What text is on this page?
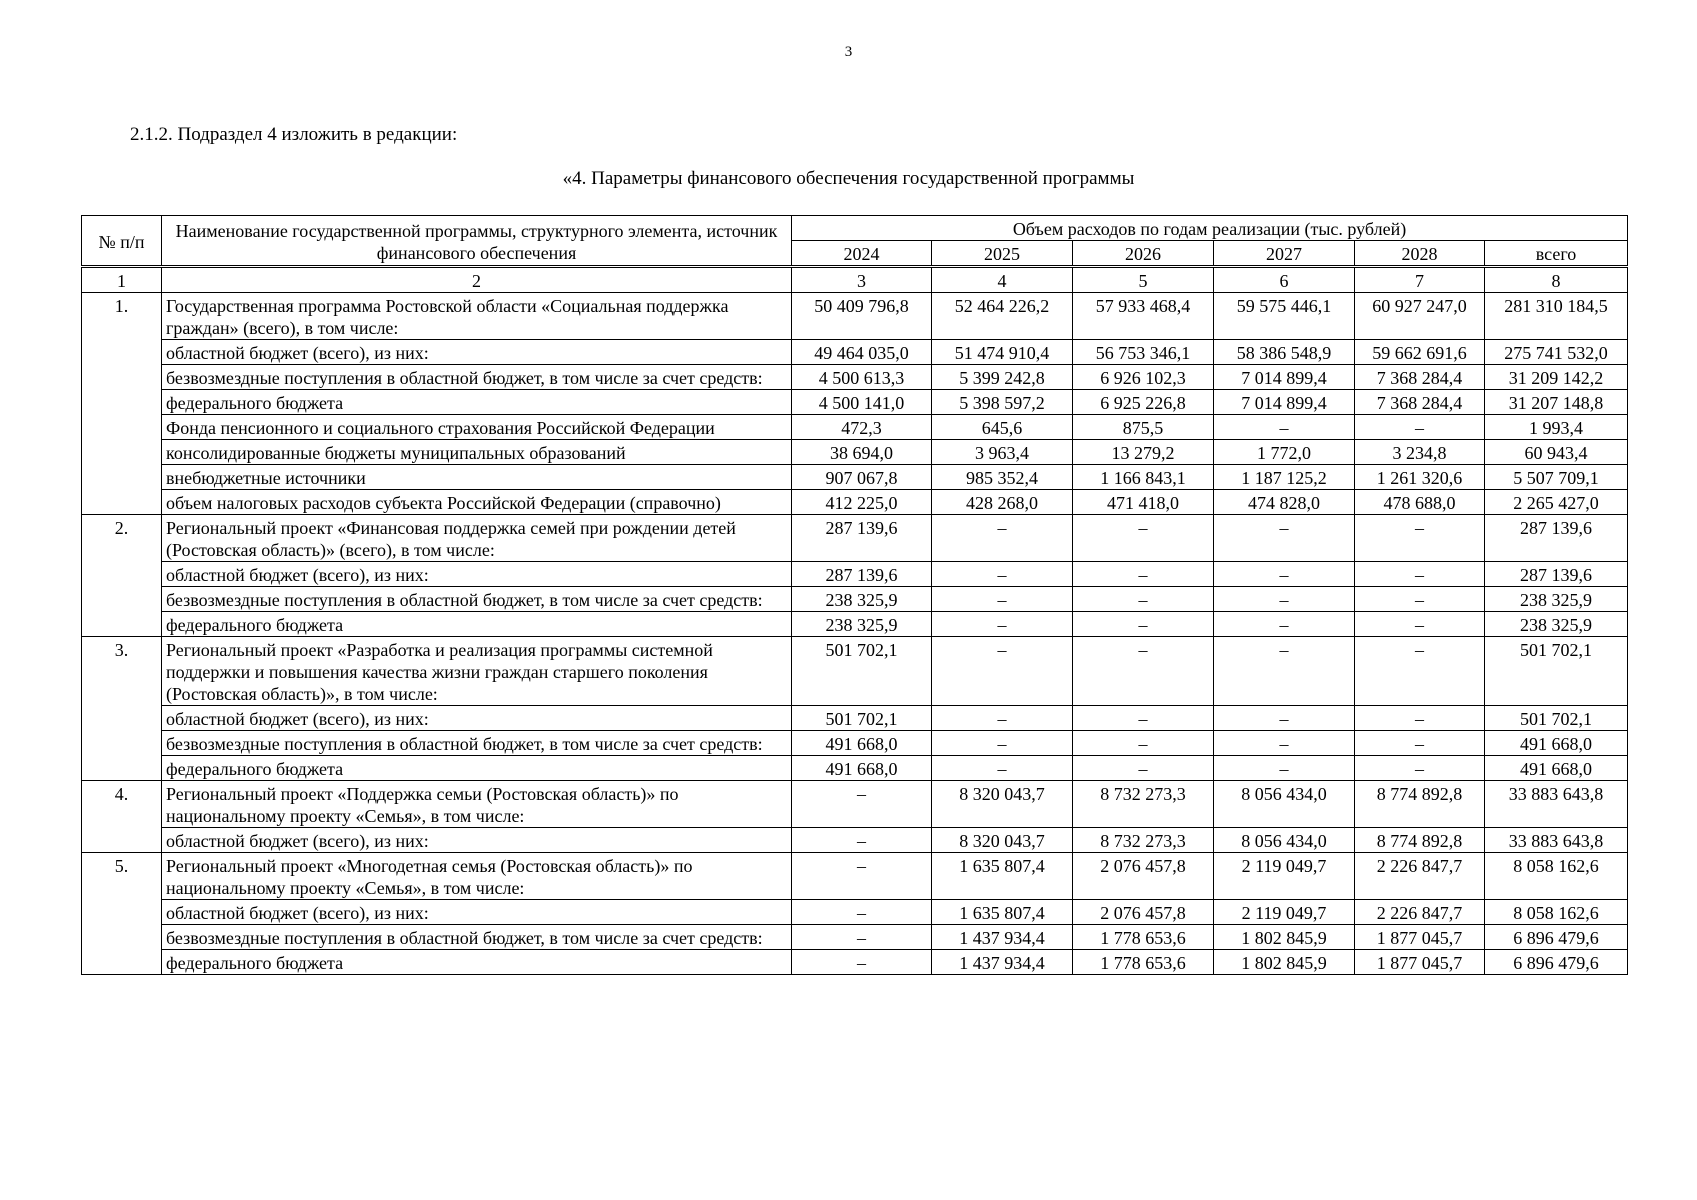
3
2.1.2. Подраздел 4 изложить в редакции:
«4. Параметры финансового обеспечения государственной программы
№ п/п	Наименование государственной программы, структурного элемента, источник финансового обеспечения	Объем расходов по годам реализации (тыс. рублей)					
		2024	2025	2026	2027	2028	всего
1	2	3	4	5	6	7	8
1.	Государственная программа Ростовской области «Социальная поддержка граждан» (всего), в том числе:	50 409 796,8	52 464 226,2	57 933 468,4	59 575 446,1	60 927 247,0	281 310 184,5
	областной бюджет (всего), из них:	49 464 035,0	51 474 910,4	56 753 346,1	58 386 548,9	59 662 691,6	275 741 532,0
	безвозмездные поступления в областной бюджет, в том числе за счет средств:	4 500 613,3	5 399 242,8	6 926 102,3	7 014 899,4	7 368 284,4	31 209 142,2
	федерального бюджета	4 500 141,0	5 398 597,2	6 925 226,8	7 014 899,4	7 368 284,4	31 207 148,8
	Фонда пенсионного и социального страхования Российской Федерации	472,3	645,6	875,5	–	–	1 993,4
	консолидированные бюджеты муниципальных образований	38 694,0	3 963,4	13 279,2	1 772,0	3 234,8	60 943,4
	внебюджетные источники	907 067,8	985 352,4	1 166 843,1	1 187 125,2	1 261 320,6	5 507 709,1
	объем налоговых расходов субъекта Российской Федерации (справочно)	412 225,0	428 268,0	471 418,0	474 828,0	478 688,0	2 265 427,0
2.	Региональный проект «Финансовая поддержка семей при рождении детей (Ростовская область)» (всего), в том числе:	287 139,6	–	–	–	–	287 139,6
	областной бюджет (всего), из них:	287 139,6	–	–	–	–	287 139,6
	безвозмездные поступления в областной бюджет, в том числе за счет средств:	238 325,9	–	–	–	–	238 325,9
	федерального бюджета	238 325,9	–	–	–	–	238 325,9
3.	Региональный проект «Разработка и реализация программы системной поддержки и повышения качества жизни граждан старшего поколения (Ростовская область)», в том числе:	501 702,1	–	–	–	–	501 702,1
	областной бюджет (всего), из них:	501 702,1	–	–	–	–	501 702,1
	безвозмездные поступления в областной бюджет, в том числе за счет средств:	491 668,0	–	–	–	–	491 668,0
	федерального бюджета	491 668,0	–	–	–	–	491 668,0
4.	Региональный проект «Поддержка семьи (Ростовская область)» по национальному проекту «Семья», в том числе:	–	8 320 043,7	8 732 273,3	8 056 434,0	8 774 892,8	33 883 643,8
	областной бюджет (всего), из них:	–	8 320 043,7	8 732 273,3	8 056 434,0	8 774 892,8	33 883 643,8
5.	Региональный проект «Многодетная семья (Ростовская область)» по национальному проекту «Семья», в том числе:	–	1 635 807,4	2 076 457,8	2 119 049,7	2 226 847,7	8 058 162,6
	областной бюджет (всего), из них:	–	1 635 807,4	2 076 457,8	2 119 049,7	2 226 847,7	8 058 162,6
	безвозмездные поступления в областной бюджет, в том числе за счет средств:	–	1 437 934,4	1 778 653,6	1 802 845,9	1 877 045,7	6 896 479,6
	федерального бюджета	–	1 437 934,4	1 778 653,6	1 802 845,9	1 877 045,7	6 896 479,6
